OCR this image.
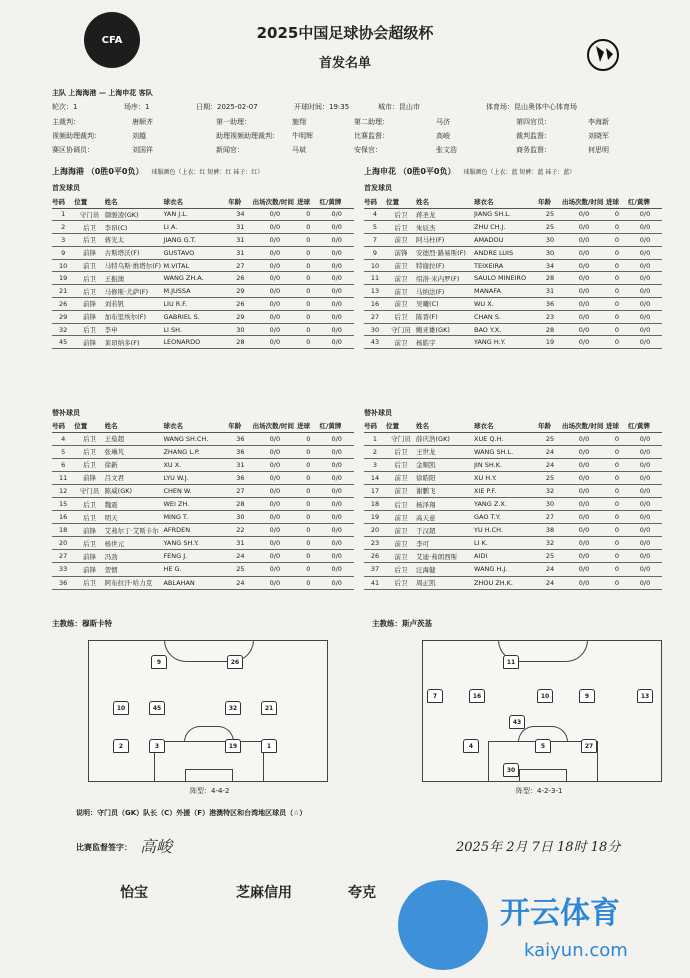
CFA	2025中国足球协会超级杯
首发名单
主队 上海海港 — 上海申花 客队
轮次：1	场序：1	日期：2025-02-07	开球时间：19:35	城市：昆山市	体育场：昆山奥体中心体育场
主裁判：	唐顺齐	第一助理：	施翔	第二助理：	马济	第四官员：	李海新
视频助理裁判：	刘越	助理视频助理裁判： 牛明辉	比赛监督：	高峻	裁判监督：	刘晓军
赛区协调员：	刘国祥	新闻官：	马斌	安保官：	张文浩	商务监督：	何思明
上海海港 （0胜0平0负） 球服颜色（上衣：红 短裤：红 袜子：红）	上海申花 （0胜0平0负） 球服颜色（上衣：蓝 短裤：蓝 袜子：蓝）
首发球员	首发球员
号码	位置	姓名	球衣名	年龄	出场次数/时间	进球	红/黄牌
1	守门员	颜骏凌(GK)	YAN J.L.	34	0/0	0	0/0
2	后卫	李昂(C)	LI A.	31	0/0	0	0/0
3	后卫	蒋光太	JIANG G.T.	31	0/0	0	0/0
9	前锋	古斯塔沃(F)	GUSTAVO	31	0/0	0	0/0
10	前卫	马特乌斯·维塔尔(F)	M.VITAL	27	0/0	0	0/0
19	后卫	王振澳	WANG ZH.A.	26	0/0	0	0/0
21	后卫	马修斯·尤萨(F)	M.JUSSA	29	0/0	0	0/0
26	前锋	刘若钒	LIU R.F.	26	0/0	0	0/0
29	前锋	加布里埃尔(F)	GABRIEL S.	29	0/0	0	0/0
32	后卫	李申	LI SH.	30	0/0	0	0/0
45	前锋	莱昂纳多(F)	LEONARDO	28	0/0	0	0/0
号码	位置	姓名	球衣名	年龄	出场次数/时间	进球	红/黄牌
4	后卫	蒋圣龙	JIANG SH.L.	25	0/0	0	0/0
5	后卫	朱辰杰	ZHU CH.J.	25	0/0	0	0/0
7	前卫	阿马杜(F)	AMADOU	30	0/0	0	0/0
9	前锋	安德烈·路易斯(F)	ANDRE LUIS	30	0/0	0	0/0
10	前卫	特谢拉(F)	TEIXEIRA	34	0/0	0	0/0
11	前卫	绍洛·米内罗(F)	SAULO MINEIRO	28	0/0	0	0/0
13	前卫	马纳法(F)	MANAFA	31	0/0	0	0/0
16	前卫	吴曦(C)	WU X.	36	0/0	0	0/0
27	后卫	陈晋(F)	CHAN S.	23	0/0	0	0/0
30	守门员	鲍亚雄(GK)	BAO Y.X.	28	0/0	0	0/0
43	前卫	杨皓宇	YANG H.Y.	19	0/0	0	0/0
替补球员	替补球员
号码	位置	姓名	球衣名	年龄	出场次数/时间	进球	红/黄牌
4	后卫	王燊超	WANG SH.CH.	36	0/0	0	0/0
5	后卫	张琳芃	ZHANG L.P.	36	0/0	0	0/0
6	后卫	徐新	XU X.	31	0/0	0	0/0
11	前锋	吕文君	LYU W.J.	36	0/0	0	0/0
12	守门员	陈威(GK)	CHEN W.	27	0/0	0	0/0
15	后卫	魏震	WEI ZH.	28	0/0	0	0/0
16	后卫	明天	MING T.	30	0/0	0	0/0
18	前锋	艾弗尔丁·艾斯卡尔	AFRDEN	22	0/0	0	0/0
20	后卫	杨世元	YANG SH.Y.	31	0/0	0	0/0
27	前锋	冯劲	FENG J.	24	0/0	0	0/0
33	前锋	贺惯	HE G.	25	0/0	0	0/0
36	后卫	阿布拉汗·哈力克	ABLAHAN	24	0/0	0	0/0
号码	位置	姓名	球衣名	年龄	出场次数/时间	进球	红/黄牌
1	守门员	薛庆浩(GK)	XUE Q.H.	25	0/0	0	0/0
2	后卫	王世龙	WANG SH.L.	24	0/0	0	0/0
3	后卫	金顺凯	JIN SH.K.	24	0/0	0	0/0
14	前卫	徐皓阳	XU H.Y.	25	0/0	0	0/0
17	前卫	谢鹏飞	XIE P.F.	32	0/0	0	0/0
18	后卫	杨泽翔	YANG Z.X.	30	0/0	0	0/0
19	前卫	高天意	GAO T.Y.	27	0/0	0	0/0
20	前卫	于汉超	YU H.CH.	38	0/0	0	0/0
23	前卫	李可	LI K.	32	0/0	0	0/0
26	前卫	艾迪·弗朗西斯	AIDI	25	0/0	0	0/0
37	后卫	汪海健	WANG H.J.	24	0/0	0	0/0
41	后卫	周正凯	ZHOU ZH.K.	24	0/0	0	0/0
主教练：穆斯卡特	主教练：斯卢茨基
9	26
10	45	32	21
2	3	19	1
11
7	16	10	9	13
43
4	5	27
30
阵型：4-4-2	阵型：4-2-3-1
说明：守门员（GK）队长（C）外援（F）港澳特区和台湾地区球员（☆）
比赛监督签字： 高峻	2025年 2月 7日 18时 18分
怡宝	芝麻信用	夸克
开云体育
kaiyun.com
